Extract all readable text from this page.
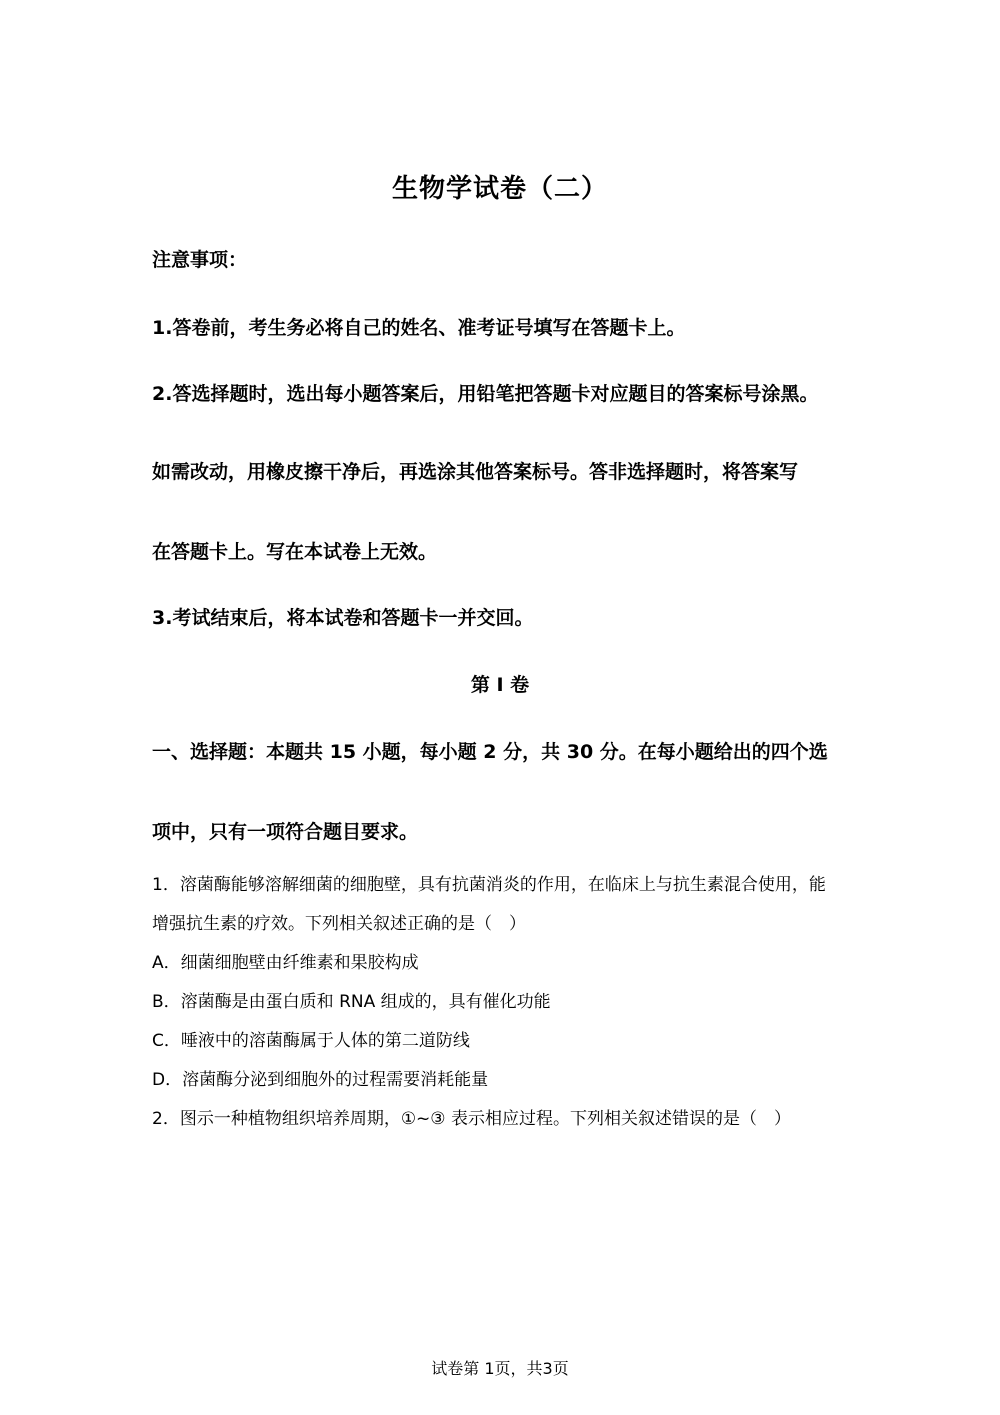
生物学试卷（二）
注意事项：
1.答卷前，考生务必将自己的姓名、准考证号填写在答题卡上。
2.答选择题时，选出每小题答案后，用铅笔把答题卡对应题目的答案标号涂黑。
如需改动，用橡皮擦干净后，再选涂其他答案标号。答非选择题时，将答案写
在答题卡上。写在本试卷上无效。
3.考试结束后，将本试卷和答题卡一并交回。
第 I 卷
一、选择题：本题共 15 小题，每小题 2 分，共 30 分。在每小题给出的四个选
项中，只有一项符合题目要求。
1．溶菌酶能够溶解细菌的细胞壁，具有抗菌消炎的作用，在临床上与抗生素混合使用，能
增强抗生素的疗效。下列相关叙述正确的是（　）
A．细菌细胞壁由纤维素和果胶构成
B．溶菌酶是由蛋白质和 RNA 组成的，具有催化功能
C．唾液中的溶菌酶属于人体的第二道防线
D．溶菌酶分泌到细胞外的过程需要消耗能量
2．图示一种植物组织培养周期，①~③ 表示相应过程。下列相关叙述错误的是（　）
试卷第 1页，共3页
